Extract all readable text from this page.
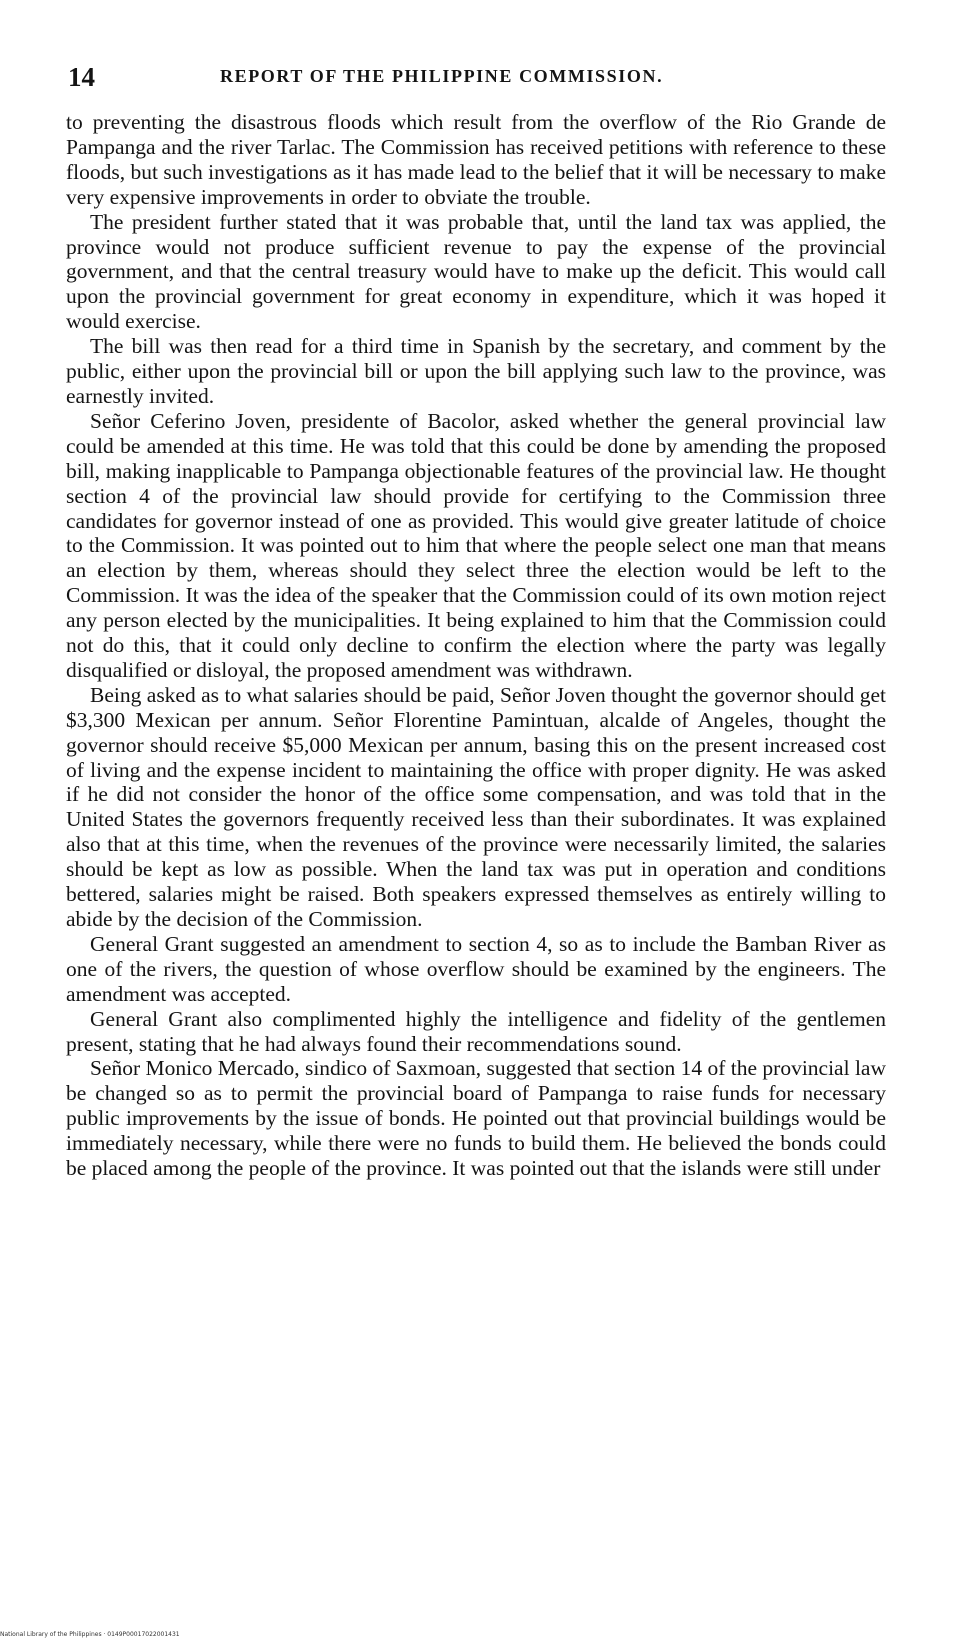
14	REPORT OF THE PHILIPPINE COMMISSION.

to preventing the disastrous floods which result from the overflow of the Rio Grande de Pampanga and the river Tarlac. The Commission has received petitions with reference to these floods, but such investigations as it has made lead to the belief that it will be necessary to make very expensive improvements in order to obviate the trouble.

The president further stated that it was probable that, until the land tax was applied, the province would not produce sufficient revenue to pay the expense of the provincial government, and that the central treasury would have to make up the deficit. This would call upon the provincial government for great economy in expenditure, which it was hoped it would exercise.

The bill was then read for a third time in Spanish by the secretary, and comment by the public, either upon the provincial bill or upon the bill applying such law to the province, was earnestly invited.

Señor Ceferino Joven, presidente of Bacolor, asked whether the general provincial law could be amended at this time. He was told that this could be done by amending the proposed bill, making inapplicable to Pampanga objectionable features of the provincial law. He thought section 4 of the provincial law should provide for certifying to the Commission three candidates for governor instead of one as provided. This would give greater latitude of choice to the Commission. It was pointed out to him that where the people select one man that means an election by them, whereas should they select three the election would be left to the Commission. It was the idea of the speaker that the Commission could of its own motion reject any person elected by the municipalities. It being explained to him that the Commission could not do this, that it could only decline to confirm the election where the party was legally disqualified or disloyal, the proposed amendment was withdrawn.

Being asked as to what salaries should be paid, Señor Joven thought the governor should get $3,300 Mexican per annum. Señor Florentine Pamintuan, alcalde of Angeles, thought the governor should receive $5,000 Mexican per annum, basing this on the present increased cost of living and the expense incident to maintaining the office with proper dignity. He was asked if he did not consider the honor of the office some compensation, and was told that in the United States the governors frequently received less than their subordinates. It was explained also that at this time, when the revenues of the province were necessarily limited, the salaries should be kept as low as possible. When the land tax was put in operation and conditions bettered, salaries might be raised. Both speakers expressed themselves as entirely willing to abide by the decision of the Commission.

General Grant suggested an amendment to section 4, so as to include the Bamban River as one of the rivers, the question of whose overflow should be examined by the engineers. The amendment was accepted.

General Grant also complimented highly the intelligence and fidelity of the gentlemen present, stating that he had always found their recommendations sound.

Señor Monico Mercado, sindico of Saxmoan, suggested that section 14 of the provincial law be changed so as to permit the provincial board of Pampanga to raise funds for necessary public improvements by the issue of bonds. He pointed out that provincial buildings would be immediately necessary, while there were no funds to build them. He believed the bonds could be placed among the people of the province. It was pointed out that the islands were still under

National Library of the Philippines · 0149P00017022001431
